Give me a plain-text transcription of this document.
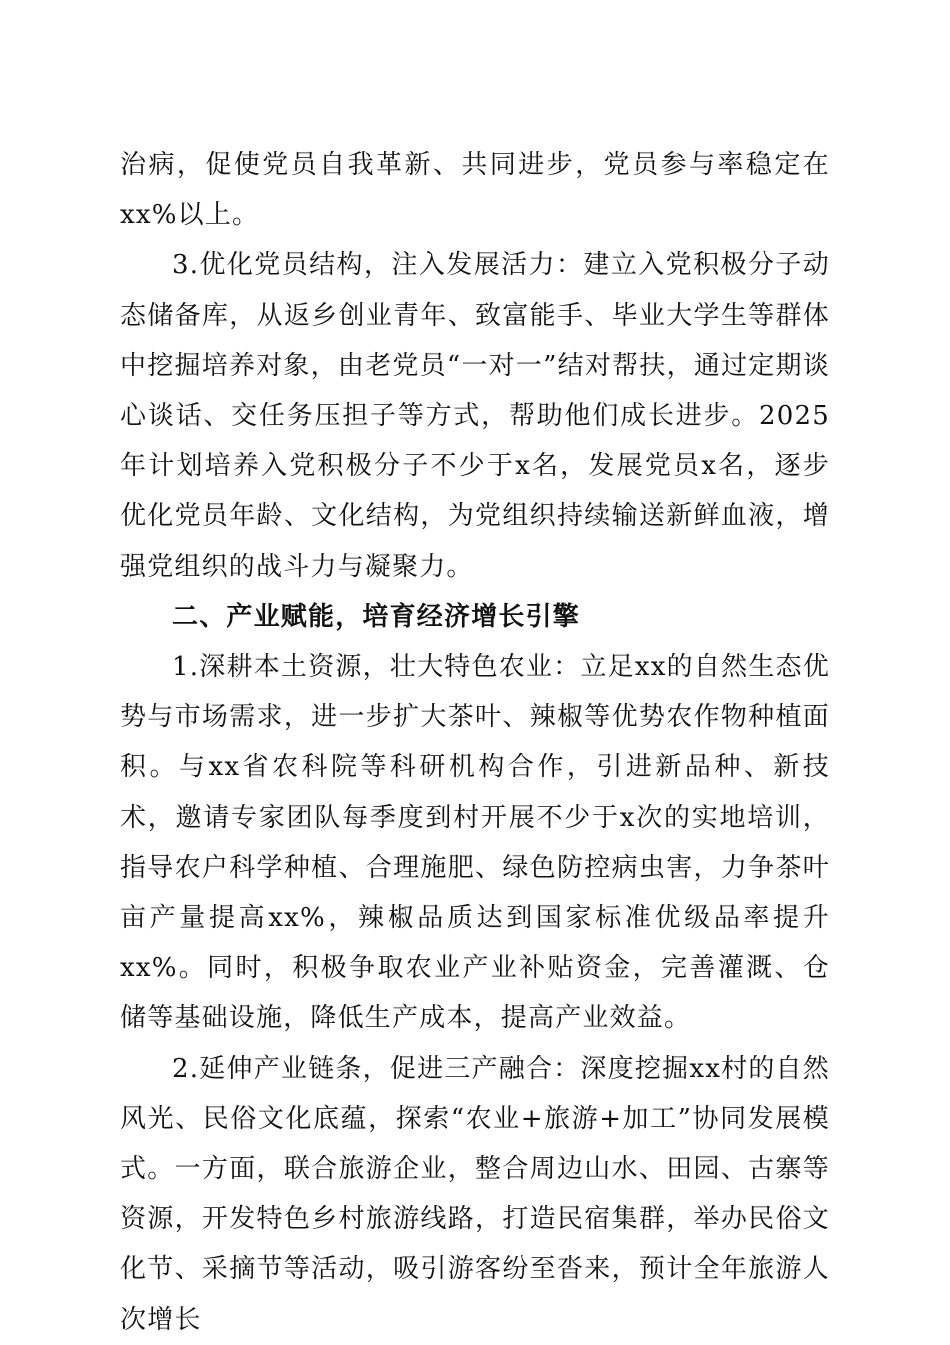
治病，促使党员自我革新、共同进步，党员参与率稳定在xx%以上。

3.优化党员结构，注入发展活力：建立入党积极分子动态储备库，从返乡创业青年、致富能手、毕业大学生等群体中挖掘培养对象，由老党员“一对一”结对帮扶，通过定期谈心谈话、交任务压担子等方式，帮助他们成长进步。2025年计划培养入党积极分子不少于x名，发展党员x名，逐步优化党员年龄、文化结构，为党组织持续输送新鲜血液，增强党组织的战斗力与凝聚力。

二、产业赋能，培育经济增长引擎

1.深耕本土资源，壮大特色农业：立足xx的自然生态优势与市场需求，进一步扩大茶叶、辣椒等优势农作物种植面积。与xx省农科院等科研机构合作，引进新品种、新技术，邀请专家团队每季度到村开展不少于x次的实地培训，指导农户科学种植、合理施肥、绿色防控病虫害，力争茶叶亩产量提高xx%，辣椒品质达到国家标准优级品率提升xx%。同时，积极争取农业产业补贴资金，完善灌溉、仓储等基础设施，降低生产成本，提高产业效益。

2.延伸产业链条，促进三产融合：深度挖掘xx村的自然风光、民俗文化底蕴，探索“农业+旅游+加工”协同发展模式。一方面，联合旅游企业，整合周边山水、田园、古寨等资源，开发特色乡村旅游线路，打造民宿集群，举办民俗文化节、采摘节等活动，吸引游客纷至沓来，预计全年旅游人次增长
